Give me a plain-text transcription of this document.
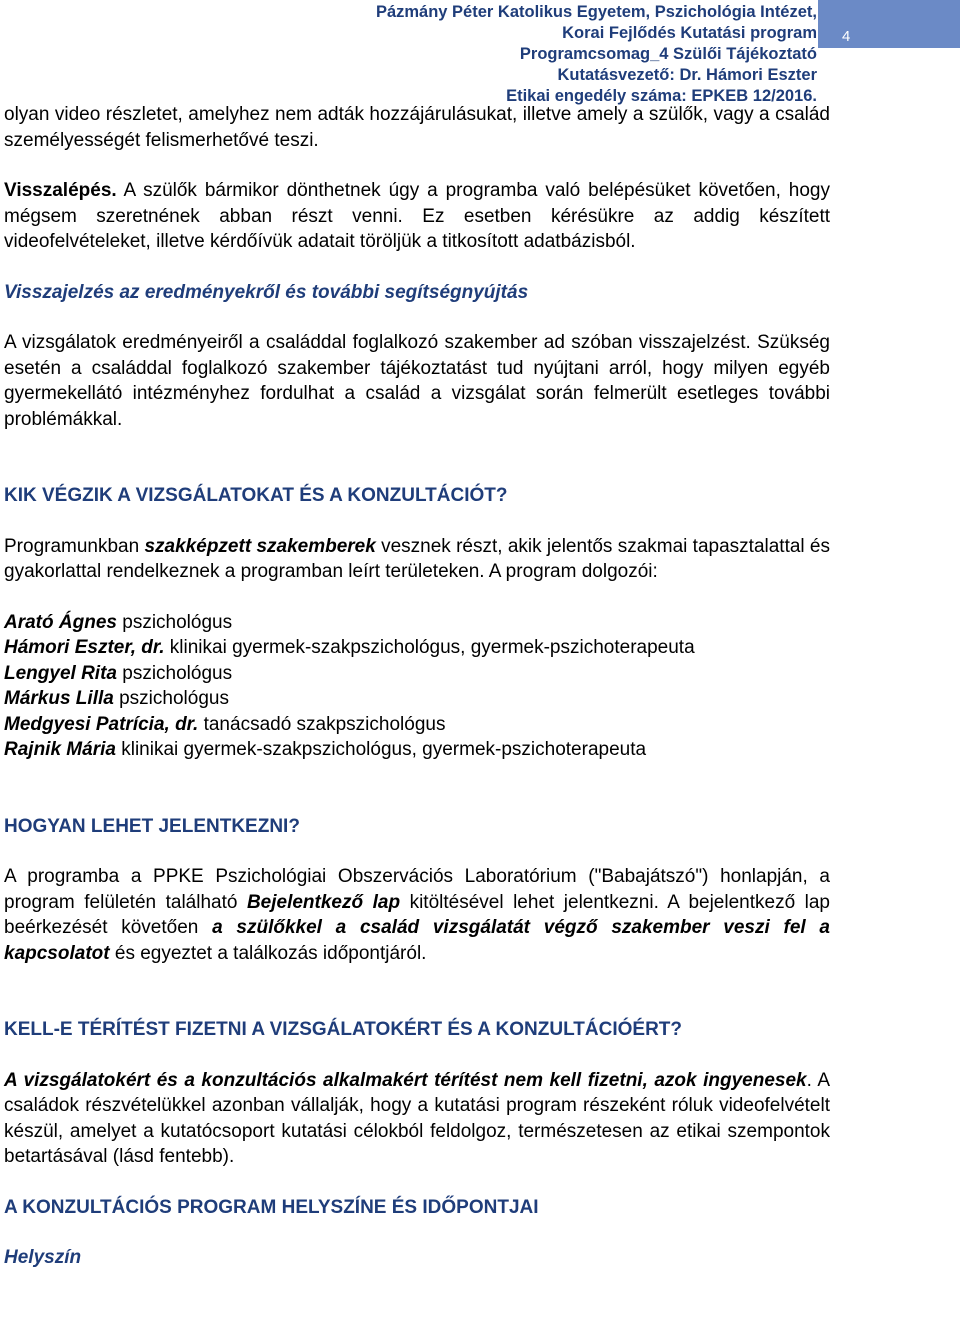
Pázmány Péter Katolikus Egyetem, Pszichológia Intézet,
Korai Fejlődés Kutatási program
Programcsomag_4 Szülői Tájékoztató
Kutatásvezető: Dr. Hámori Eszter
Etikai engedély száma: EPKEB 12/2016.
4

olyan video részletet, amelyhez nem adták hozzájárulásukat, illetve amely a szülők, vagy a család személyességét felismerhetővé teszi.

Visszalépés. A szülők bármikor dönthetnek úgy a programba való belépésüket követően, hogy mégsem szeretnének abban részt venni. Ez esetben kérésükre az addig készített videofelvételeket, illetve kérdőívük adatait töröljük a titkosított adatbázisból.

Visszajelzés az eredményekről és további segítségnyújtás

A vizsgálatok eredményeiről a családdal foglalkozó szakember ad szóban visszajelzést. Szükség esetén a családdal foglalkozó szakember tájékoztatást tud nyújtani arról, hogy milyen egyéb gyermekellátó intézményhez fordulhat a család a vizsgálat során felmerült esetleges további problémákkal.

KIK VÉGZIK A VIZSGÁLATOKAT ÉS A KONZULTÁCIÓT?

Programunkban szakképzett szakemberek vesznek részt, akik jelentős szakmai tapasztalattal és gyakorlattal rendelkeznek a programban leírt területeken. A program dolgozói:

Arató Ágnes pszichológus

Hámori Eszter, dr. klinikai gyermek-szakpszichológus, gyermek-pszichoterapeuta

Lengyel Rita pszichológus

Márkus Lilla pszichológus

Medgyesi Patrícia, dr. tanácsadó szakpszichológus

Rajnik Mária klinikai gyermek-szakpszichológus, gyermek-pszichoterapeuta

HOGYAN LEHET JELENTKEZNI?

A programba a PPKE Pszichológiai Obszervációs Laboratórium ("Babajátszó") honlapján, a program felületén található Bejelentkező lap kitöltésével lehet jelentkezni. A bejelentkező lap beérkezését követően a szülőkkel a család vizsgálatát végző szakember veszi fel a kapcsolatot és egyeztet a találkozás időpontjáról.

KELL-E TÉRÍTÉST FIZETNI A VIZSGÁLATOKÉRT ÉS A KONZULTÁCIÓÉRT?

A vizsgálatokért és a konzultációs alkalmakért térítést nem kell fizetni, azok ingyenesek. A családok részvételükkel azonban vállalják, hogy a kutatási program részeként róluk videofelvételt készül, amelyet a kutatócsoport kutatási célokból feldolgoz, természetesen az etikai szempontok betartásával (lásd fentebb).

A KONZULTÁCIÓS PROGRAM HELYSZÍNE ÉS IDŐPONTJAI

Helyszín
